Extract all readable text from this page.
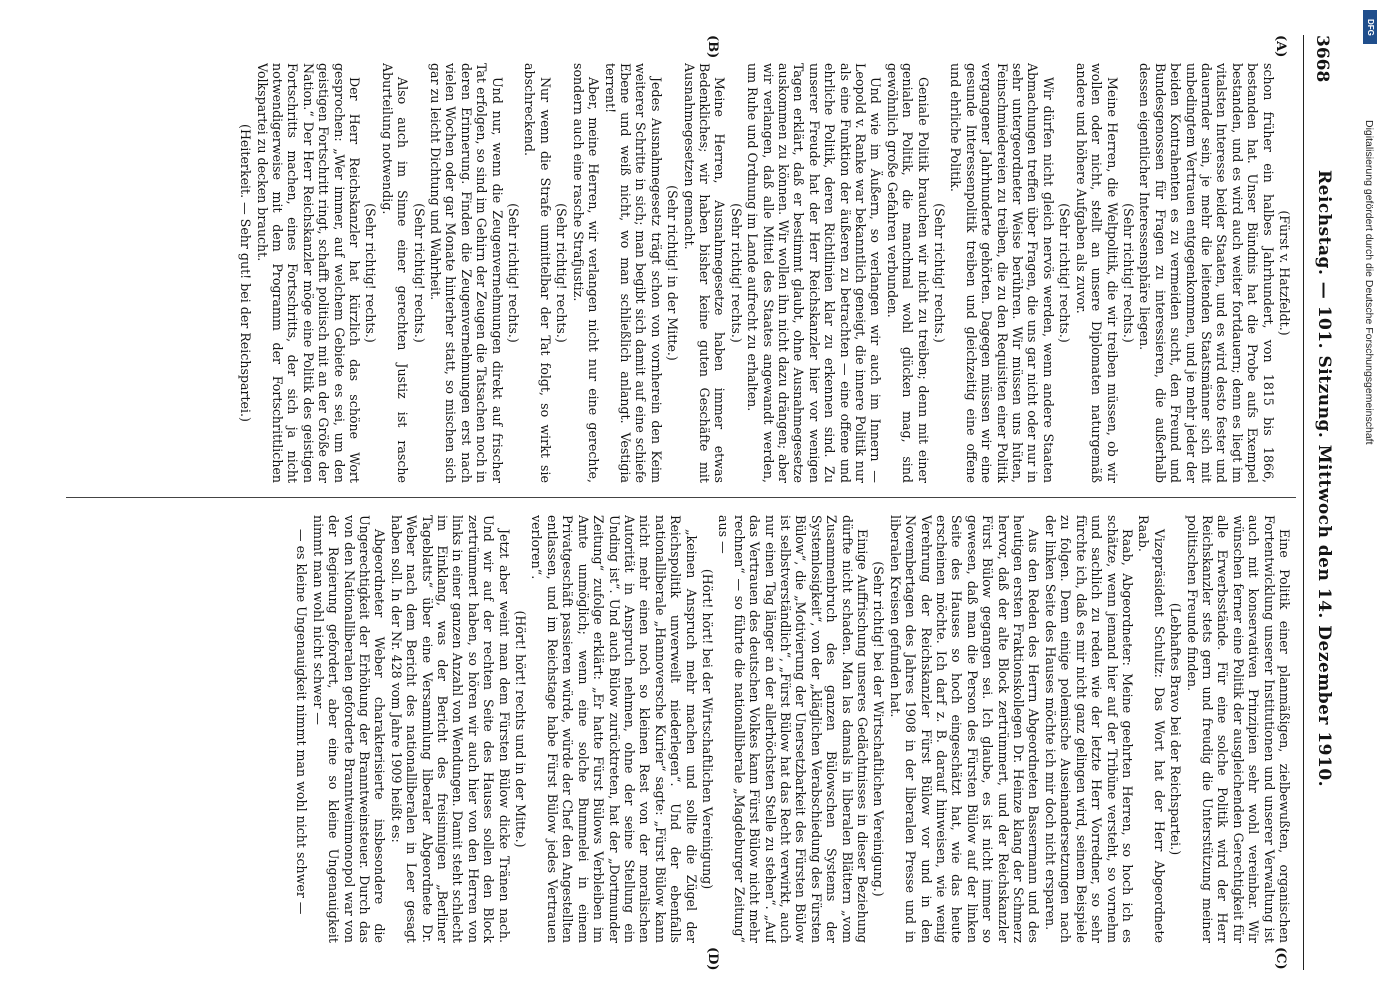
3668
Reichstag. — 101. Sitzung. Mittwoch den 14. Dezember 1910.
(A)
(B)
(C)
(D)

(Fürst v. Hatzfeldt.)

schon früher ein halbes Jahrhundert, von 1815 bis 1866, bestanden hat. Unser Bündnis hat die Probe aufs Exempel bestanden, und es wird auch weiter fortdauern; denn es liegt im vitalsten Interesse beider Staaten, und es wird desto fester und dauernder sein, je mehr die leitenden Staatsmänner sich mit unbedingtem Vertrauen entgegenkommen, und je mehr jeder der beiden Kontrahenten es zu vermeiden sucht, den Freund und Bundesgenossen für Fragen zu interessieren, die außerhalb dessen eigentlicher Interessensphäre liegen.

(Sehr richtig! rechts.)

Meine Herren, die Weltpolitik, die wir treiben müssen, ob wir wollen oder nicht, stellt an unsere Diplomaten naturgemäß andere und höhere Aufgaben als zuvor.

(Sehr richtig! rechts.)

Wir dürfen nicht gleich nervös werden, wenn andere Staaten Abmachungen treffen über Fragen, die uns gar nicht oder nur in sehr untergeordneter Weise berühren. Wir müssen uns hüten, Feinschmiedereien zu treiben, die zu den Requisiten einer Politik vergangener Jahrhunderte gehörten. Dagegen müssen wir eine gesunde Interessenpolitik treiben und gleichzeitig eine offene und ehrliche Politik.

(Sehr richtig! rechts.)

Geniale Politik brauchen wir nicht zu treiben; denn mit einer genialen Politik, die manchmal wohl glücken mag, sind gewöhnlich große Gefahren verbunden.

Und wie im Äußern, so verlangen wir auch im Innern — Leopold v. Ranke war bekanntlich geneigt, die innere Politik nur als eine Funktion der äußeren zu betrachten — eine offene und ehrliche Politik, deren Richtlinien klar zu erkennen sind. Zu unserer Freude hat der Herr Reichskanzler hier vor wenigen Tagen erklärt, daß er bestimmt glaubt, ohne Ausnahmegesetze auskommen zu können. Wir wollen ihn nicht dazu drängen; aber wir verlangen, daß alle Mittel des Staates angewandt werden, um Ruhe und Ordnung im Lande aufrecht zu erhalten.

(Sehr richtig! rechts.)

Meine Herren, Ausnahmegesetze haben immer etwas Bedenkliches; wir haben bisher keine guten Geschäfte mit Ausnahmegesetzen gemacht.

(Sehr richtig! in der Mitte.)

Jedes Ausnahmegesetz trägt schon von vornherein den Keim weiterer Schritte in sich; man begibt sich damit auf eine schiefe Ebene und weiß nicht, wo man schließlich anlangt. Vestigia terrent!

Aber, meine Herren, wir verlangen nicht nur eine gerechte, sondern auch eine rasche Strafjustiz.

(Sehr richtig! rechts.)

Nur wenn die Strafe unmittelbar der Tat folgt, so wirkt sie abschreckend.

(Sehr richtig! rechts.)

Und nur, wenn die Zeugenvernehmungen direkt auf frischer Tat erfolgen, so sind im Gehirn der Zeugen die Tatsachen noch in deren Erinnerung. Finden die Zeugenvernehmungen erst nach vielen Wochen oder gar Monate hinterher statt, so mischen sich gar zu leicht Dichtung und Wahrheit.

(Sehr richtig! rechts.)

Also auch im Sinne einer gerechten Justiz ist rasche Aburteilung notwendig.

(Sehr richtig! rechts.)

Der Herr Reichskanzler hat kürzlich das schöne Wort gesprochen: „Wer immer, auf welchem Gebiete es sei, um den geistigen Fortschritt ringt, schafft politisch mit an der Größe der Nation.“ Der Herr Reichskanzler möge eine Politik des geistigen Fortschritts machen, eines Fortschritts, der sich ja nicht notwendigerweise mit dem Programm der Fortschrittlichen Volkspartei zu decken braucht.

(Heiterkeit. — Sehr gut! bei der Reichspartei.)

Eine Politik einer planmäßigen, zielbewußten, organischen Fortentwicklung unserer Institutionen und unserer Verwaltung ist auch mit konservativen Prinzipien sehr wohl vereinbar. Wir wünschen ferner eine Politik der ausgleichenden Gerechtigkeit für alle Erwerbsstände. Für eine solche Politik wird der Herr Reichskanzler stets gern und freudig die Unterstützung meiner politischen Freunde finden.

(Lebhaftes Bravo bei der Reichspartei.)

Vizepräsident Schultz: Das Wort hat der Herr Abgeordnete Raab.

Raab, Abgeordneter: Meine geehrten Herren, so hoch ich es schätze, wenn jemand hier auf der Tribüne versteht, so vornehm und sachlich zu reden wie der letzte Herr Vorredner, so sehr fürchte ich, daß es mir nicht ganz gelingen wird, seinem Beispiele zu folgen. Denn einige polemische Auseinandersetzungen nach der linken Seite des Hauses möchte ich mir doch nicht ersparen.

Aus den Reden des Herrn Abgeordneten Bassermann und des heutigen ersten Fraktionskollegen Dr. Heinze klang der Schmerz hervor, daß der alte Block zertrümmert, und der Reichskanzler Fürst Bülow gegangen sei. Ich glaube, es ist nicht immer so gewesen, daß man die Person des Fürsten Bülow auf der linken Seite des Hauses so hoch eingeschätzt hat, wie das heute erscheinen möchte. Ich darf z. B. darauf hinweisen, wie wenig Verehrung der Reichskanzler Fürst Bülow vor und in den Novembertagen des Jahres 1908 in der liberalen Presse und in liberalen Kreisen gefunden hat.

(Sehr richtig! bei der Wirtschaftlichen Vereinigung.)

Einige Auffrischung unseres Gedächtnisses in dieser Beziehung dürfte nicht schaden. Man las damals in liberalen Blättern „vom Zusammenbruch des ganzen Bülowschen Systems der Systemlosigkeit“, von der „kläglichen Verabschiedung des Fürsten Bülow“, die „Motivierung der Unersetzbarkeit des Fürsten Bülow ist selbstverständlich“, „Fürst Bülow hat das Recht verwirkt, auch nur einen Tag länger an der allerhöchsten Stelle zu stehen“. „Auf das Vertrauen des deutschen Volkes kann Fürst Bülow nicht mehr rechnen“ — so führte die nationalliberale „Magdeburger Zeitung“ aus —

(Hört! hört! bei der Wirtschaftlichen Vereinigung)

„keinen Anspruch mehr machen und sollte die Zügel der Reichspolitik unverweilt niederlegen“. Und der ebenfalls nationalliberale „Hannoversche Kurier“ sagte: „Fürst Bülow kann nicht mehr einen noch so kleinen Rest von der moralischen Autorität in Anspruch nehmen, ohne der seine Stellung ein Unding ist“. Und auch Bülow zurücktreten, hat der „Dortmunder Zeitung“ zufolge erklärt: „Er hatte Fürst Bülows Verbleiben im Amte unmöglich; wenn eine solche Bummelei in einem Privatgeschäft passieren würde, würde der Chef den Angestellten entlassen, und im Reichstage habe Fürst Bülow jedes Vertrauen verloren“.

(Hört! hört! rechts und in der Mitte.)

Jetzt aber weint man dem Fürsten Bülow dicke Tränen nach. Und wir auf der rechten Seite des Hauses sollen den Block zertrümmert haben, so hören wir auch hier von den Herren von links in einer ganzen Anzahl von Wendungen. Damit steht schlecht im Einklang, was der Bericht des freisinnigen „Berliner Tageblatts“ über eine Versammlung liberaler Abgeordnete Dr. Weber nach dem Bericht des nationalliberalen in Leer gesagt haben soll. In der Nr. 428 vom Jahre 1909 heißt es:

Abgeordneter Weber charakterisierte insbesondere die Ungerechtigkeit der Erhöhung der Branntweinsteuer. Durch das von den Nationalliberalen geforderte Branntweinmonopol war von der Regierung gefordert, aber eine so kleine Ungenauigkeit nimmt man wohl nicht schwer —

— es kleine Ungenauigkeit nimmt man wohl nicht schwer —

DFG
Digitalisierung gefördert durch die Deutsche Forschungsgemeinschaft
